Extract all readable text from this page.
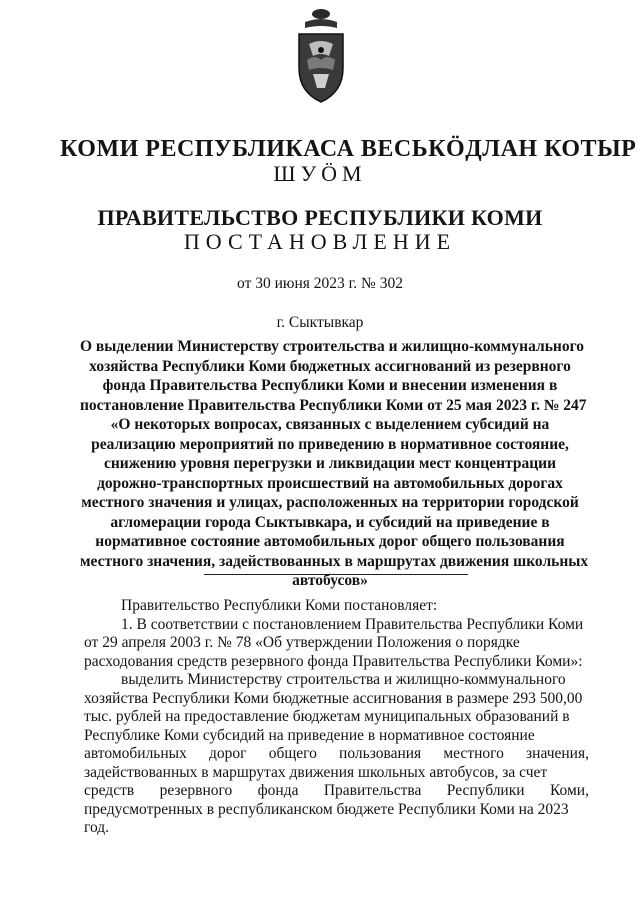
КОМИ РЕСПУБЛИКАСА ВЕСЬКÖДЛАН КОТЫР
ШУÖМ
ПРАВИТЕЛЬСТВО РЕСПУБЛИКИ КОМИ
ПОСТАНОВЛЕНИЕ
от 30 июня 2023 г. № 302
г. Сыктывкар
О выделении Министерству строительства и жилищно-коммунального
хозяйства Республики Коми бюджетных ассигнований из резервного
фонда Правительства Республики Коми и внесении изменения в
постановление Правительства Республики Коми от 25 мая 2023 г. № 247
«О некоторых вопросах, связанных с выделением субсидий на
реализацию мероприятий по приведению в нормативное состояние,
снижению уровня перегрузки и ликвидации мест концентрации
дорожно-транспортных происшествий на автомобильных дорогах
местного значения и улицах, расположенных на территории городской
агломерации города Сыктывкара, и субсидий на приведение в
нормативное состояние автомобильных дорог общего пользования
местного значения, задействованных в маршрутах движения школьных
автобусов»
Правительство Республики Коми постановляет:
1. В соответствии с постановлением Правительства Республики Коми
от 29 апреля 2003 г. № 78 «Об утверждении Положения о порядке
расходования средств резервного фонда Правительства Республики Коми»:
выделить Министерству строительства и жилищно-коммунального
хозяйства Республики Коми бюджетные ассигнования в размере 293 500,00
тыс. рублей на предоставление бюджетам муниципальных образований в
Республике Коми субсидий на приведение в нормативное состояние
автомобильных дорог общего пользования местного значения,
задействованных в маршрутах движения школьных автобусов, за счет
средств резервного фонда Правительства Республики Коми,
предусмотренных в республиканском бюджете Республики Коми на 2023
год.
